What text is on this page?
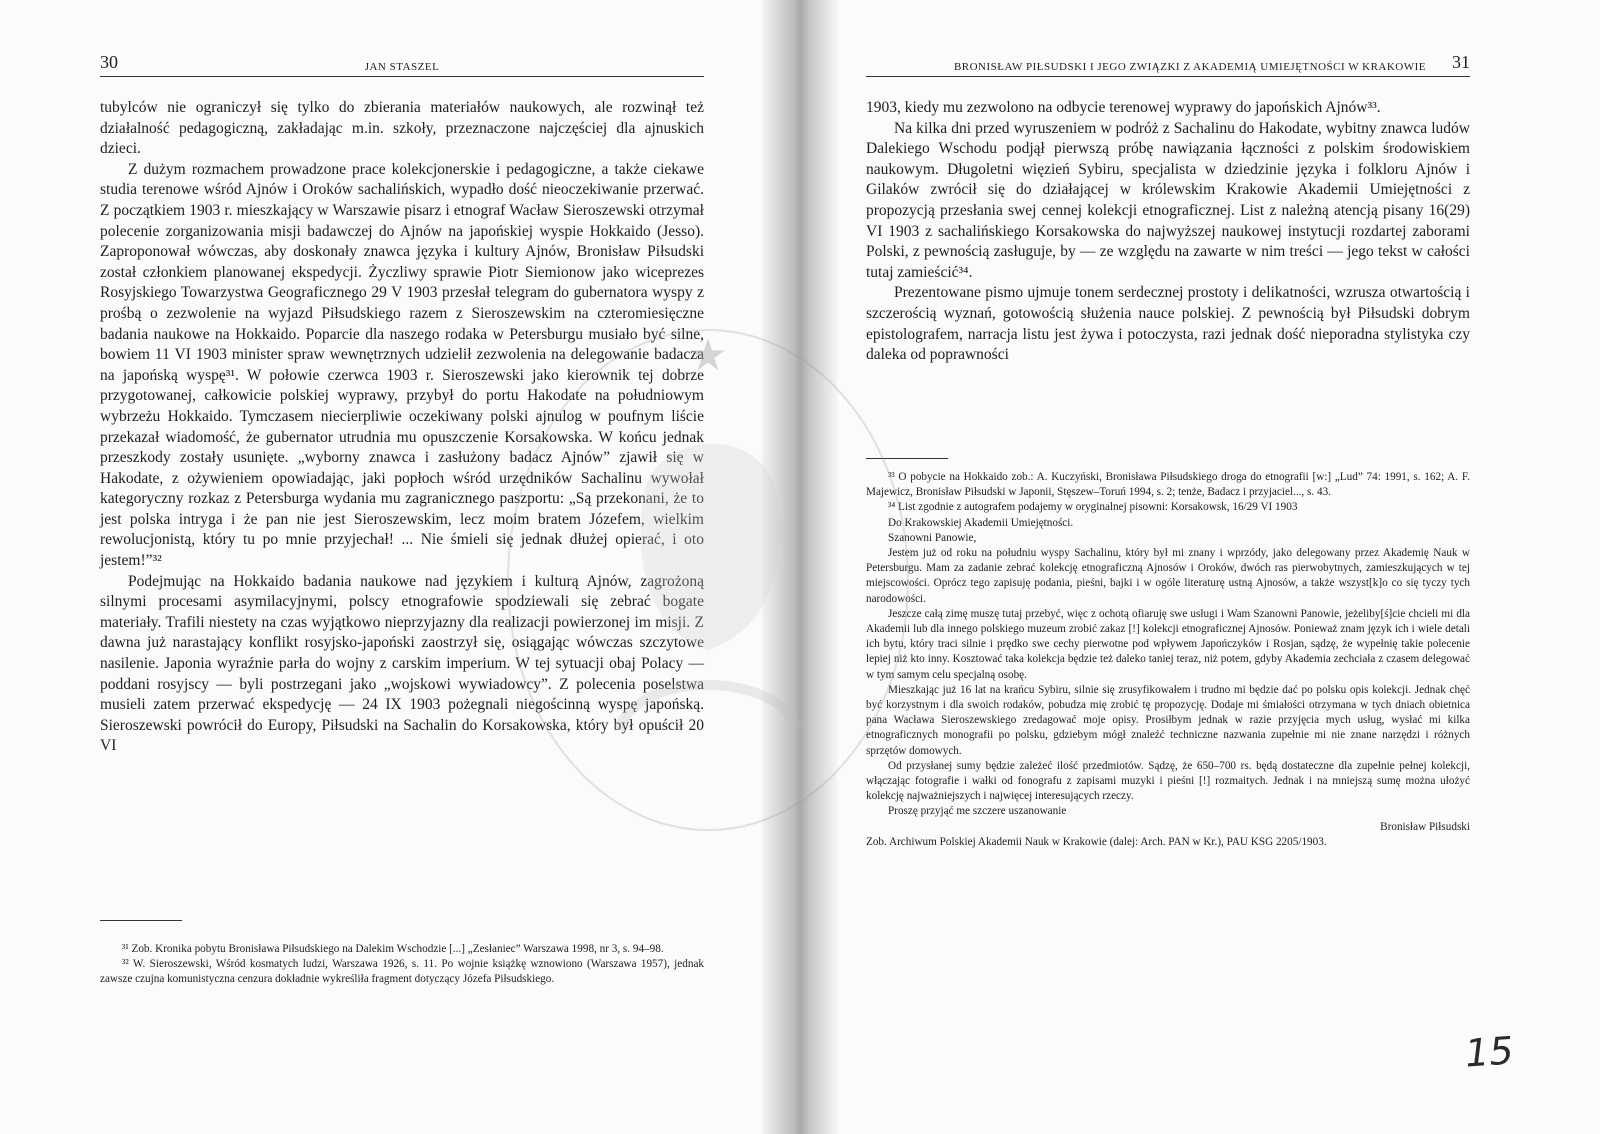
30	JAN STASZEL

tubylców nie ograniczył się tylko do zbierania materiałów naukowych, ale rozwinął też działalność pedagogiczną, zakładając m.in. szkoły, przeznaczone najczęściej dla ajnuskich dzieci.

Z dużym rozmachem prowadzone prace kolekcjonerskie i pedagogiczne, a także ciekawe studia terenowe wśród Ajnów i Oroków sachalińskich, wypadło dość nieoczekiwanie przerwać. Z początkiem 1903 r. mieszkający w Warszawie pisarz i etnograf Wacław Sieroszewski otrzymał polecenie zorganizowania misji badawczej do Ajnów na japońskiej wyspie Hokkaido (Jesso). Zaproponował wówczas, aby doskonały znawca języka i kultury Ajnów, Bronisław Piłsudski został członkiem planowanej ekspedycji. Życzliwy sprawie Piotr Siemionow jako wiceprezes Rosyjskiego Towarzystwa Geograficznego 29 V 1903 przesłał telegram do gubernatora wyspy z prośbą o zezwolenie na wyjazd Piłsudskiego razem z Sieroszewskim na czteromiesięczne badania naukowe na Hokkaido. Poparcie dla naszego rodaka w Petersburgu musiało być silne, bowiem 11 VI 1903 minister spraw wewnętrznych udzielił zezwolenia na delegowanie badacza na japońską wyspę³¹. W połowie czerwca 1903 r. Sieroszewski jako kierownik tej dobrze przygotowanej, całkowicie polskiej wyprawy, przybył do portu Hakodate na południowym wybrzeżu Hokkaido. Tymczasem niecierpliwie oczekiwany polski ajnulog w poufnym liście przekazał wiadomość, że gubernator utrudnia mu opuszczenie Korsakowska. W końcu jednak przeszkody zostały usunięte. „wyborny znawca i zasłużony badacz Ajnów” zjawił się w Hakodate, z ożywieniem opowiadając, jaki popłoch wśród urzędników Sachalinu wywołał kategoryczny rozkaz z Petersburga wydania mu zagranicznego paszportu: „Są przekonani, że to jest polska intryga i że pan nie jest Sieroszewskim, lecz moim bratem Józefem, wielkim rewolucjonistą, który tu po mnie przyjechał! ... Nie śmieli się jednak dłużej opierać, i oto jestem!”³²

Podejmując na Hokkaido badania naukowe nad językiem i kulturą Ajnów, zagrożoną silnymi procesami asymilacyjnymi, polscy etnografowie spodziewali się zebrać bogate materiały. Trafili niestety na czas wyjątkowo nieprzyjazny dla realizacji powierzonej im misji. Z dawna już narastający konflikt rosyjsko-japoński zaostrzył się, osiągając wówczas szczytowe nasilenie. Japonia wyraźnie parła do wojny z carskim imperium. W tej sytuacji obaj Polacy — poddani rosyjscy — byli postrzegani jako „wojskowi wywiadowcy”. Z polecenia poselstwa musieli zatem przerwać ekspedycję — 24 IX 1903 pożegnali niegościnną wyspę japońską. Sieroszewski powrócił do Europy, Piłsudski na Sachalin do Korsakowska, który był opuścił 20 VI

³¹ Zob. Kronika pobytu Bronisława Piłsudskiego na Dalekim Wschodzie [...] „Zesłaniec” Warszawa 1998, nr 3, s. 94–98.

³² W. Sieroszewski, Wśród kosmatych ludzi, Warszawa 1926, s. 11. Po wojnie książkę wznowiono (Warszawa 1957), jednak zawsze czujna komunistyczna cenzura dokładnie wykreśliła fragment dotyczący Józefa Piłsudskiego.

BRONISŁAW PIŁSUDSKI I JEGO ZWIĄZKI Z AKADEMIĄ UMIEJĘTNOŚCI W KRAKOWIE 31

1903, kiedy mu zezwolono na odbycie terenowej wyprawy do japońskich Ajnów³³.

Na kilka dni przed wyruszeniem w podróż z Sachalinu do Hakodate, wybitny znawca ludów Dalekiego Wschodu podjął pierwszą próbę nawiązania łączności z polskim środowiskiem naukowym. Długoletni więzień Sybiru, specjalista w dziedzinie języka i folkloru Ajnów i Gilaków zwrócił się do działającej w królewskim Krakowie Akademii Umiejętności z propozycją przesłania swej cennej kolekcji etnograficznej. List z należną atencją pisany 16(29) VI 1903 z sachalińskiego Korsakowska do najwyższej naukowej instytucji rozdartej zaborami Polski, z pewnością zasługuje, by — ze względu na zawarte w nim treści — jego tekst w całości tutaj zamieścić³⁴.

Prezentowane pismo ujmuje tonem serdecznej prostoty i delikatności, wzrusza otwartością i szczerością wyznań, gotowością służenia nauce polskiej. Z pewnością był Piłsudski dobrym epistolografem, narracja listu jest żywa i potoczysta, razi jednak dość nieporadna stylistyka czy daleka od poprawności

³³ O pobycie na Hokkaido zob.: A. Kuczyński, Bronisława Piłsudskiego droga do etnografii [w:] „Lud” 74: 1991, s. 162; A. F. Majewicz, Bronisław Piłsudski w Japonii, Stęszew–Toruń 1994, s. 2; tenże, Badacz i przyjaciel..., s. 43.

³⁴ List zgodnie z autografem podajemy w oryginalnej pisowni: Korsakowsk, 16/29 VI 1903

Do Krakowskiej Akademii Umiejętności.

Szanowni Panowie,

Jestem już od roku na południu wyspy Sachalinu, który był mi znany i wprzódy, jako delegowany przez Akademię Nauk w Petersburgu. Mam za zadanie zebrać kolekcję etnograficzną Ajnosów i Oroków, dwóch ras pierwobytnych, zamieszkujących w tej miejscowości. Oprócz tego zapisuję podania, pieśni, bajki i w ogóle literaturę ustną Ajnosów, a także wszyst[k]o co się tyczy tych narodowości.

Jeszcze całą zimę muszę tutaj przebyć, więc z ochotą ofiaruję swe usługi i Wam Szanowni Panowie, jeżeliby[ś]cie chcieli mi dla Akademii lub dla innego polskiego muzeum zrobić zakaz [!] kolekcji etnograficznej Ajnosów. Ponieważ znam język ich i wiele detali ich bytu, który traci silnie i prędko swe cechy pierwotne pod wpływem Japończyków i Rosjan, sądzę, że wypełnię takie polecenie lepiej niż kto inny. Kosztować taka kolekcja będzie też daleko taniej teraz, niż potem, gdyby Akademia zechciała z czasem delegować w tym samym celu specjalną osobę.

Mieszkając już 16 lat na krańcu Sybiru, silnie się zrusyfikowałem i trudno mi będzie dać po polsku opis kolekcji. Jednak chęć być korzystnym i dla swoich rodaków, pobudza mię zrobić tę propozycję. Dodaje mi śmiałości otrzymana w tych dniach obietnica pana Wacława Sieroszewskiego zredagować moje opisy. Prosiłbym jednak w razie przyjęcia mych usług, wysłać mi kilka etnograficznych monografii po polsku, gdziebym mógł znaleźć techniczne nazwania zupełnie mi nie znane narzędzi i różnych sprzętów domowych.

Od przysłanej sumy będzie zależeć ilość przedmiotów. Sądzę, że 650–700 rs. będą dostateczne dla zupełnie pełnej kolekcji, włączając fotografie i wałki od fonografu z zapisami muzyki i pieśni [!] rozmaitych. Jednak i na mniejszą sumę można ułożyć kolekcję najważniejszych i najwięcej interesujących rzeczy.

Proszę przyjąć me szczere uszanowanie

Bronisław Piłsudski

Zob. Archiwum Polskiej Akademii Nauk w Krakowie (dalej: Arch. PAN w Kr.), PAU KSG 2205/1903.

15
★
